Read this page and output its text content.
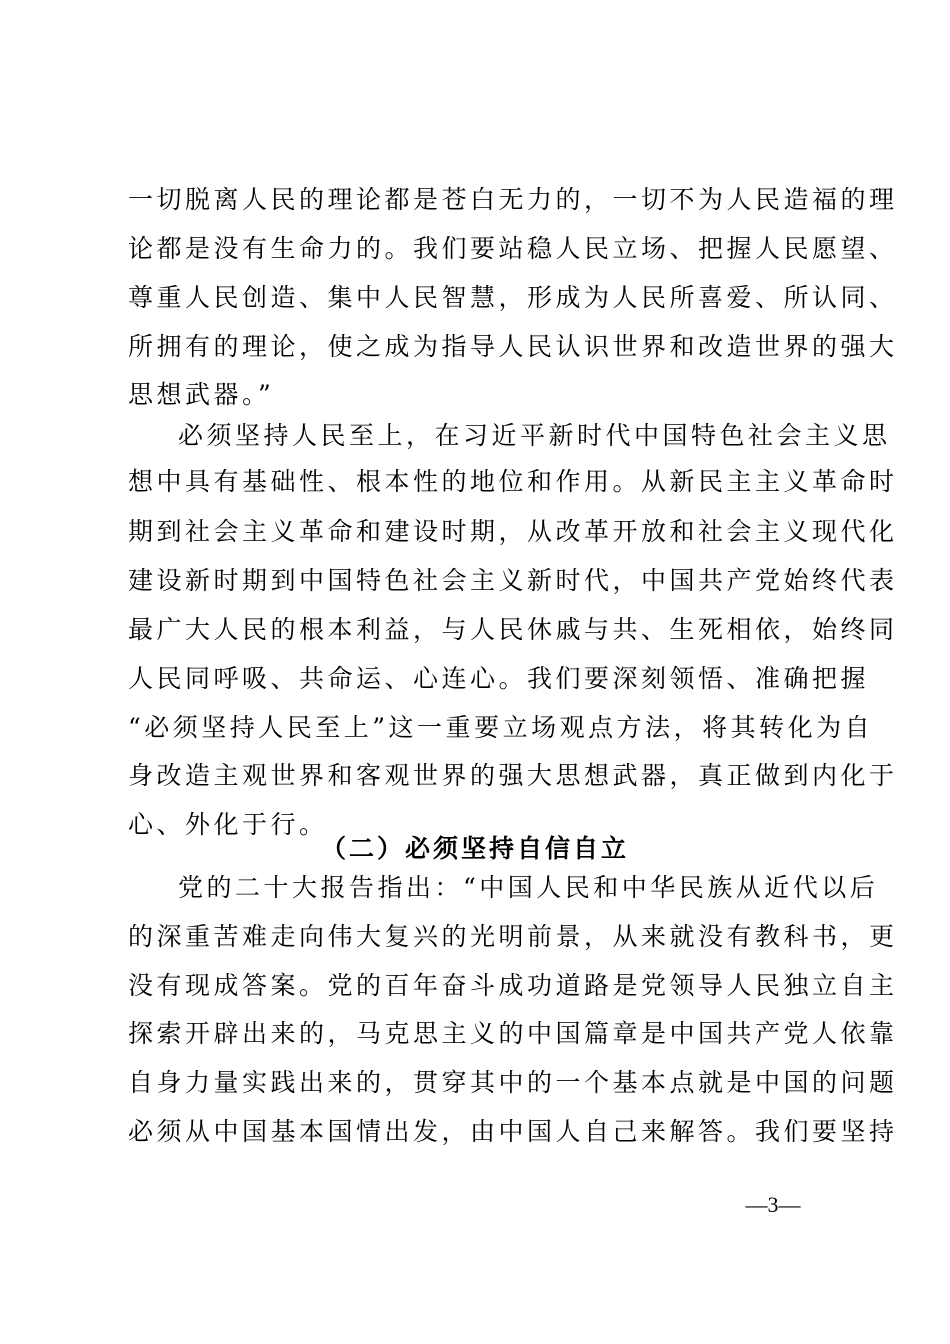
一切脱离人民的理论都是苍白无力的，一切不为人民造福的理
论都是没有生命力的。我们要站稳人民立场、把握人民愿望、
尊重人民创造、集中人民智慧，形成为人民所喜爱、所认同、
所拥有的理论，使之成为指导人民认识世界和改造世界的强大
思想武器。”
必须坚持人民至上，在习近平新时代中国特色社会主义思
想中具有基础性、根本性的地位和作用。从新民主主义革命时
期到社会主义革命和建设时期，从改革开放和社会主义现代化
建设新时期到中国特色社会主义新时代，中国共产党始终代表
最广大人民的根本利益，与人民休戚与共、生死相依，始终同
人民同呼吸、共命运、心连心。我们要深刻领悟、准确把握
“必须坚持人民至上”这一重要立场观点方法，将其转化为自
身改造主观世界和客观世界的强大思想武器，真正做到内化于
心、外化于行。
（二）必须坚持自信自立
党的二十大报告指出：“中国人民和中华民族从近代以后
的深重苦难走向伟大复兴的光明前景，从来就没有教科书，更
没有现成答案。党的百年奋斗成功道路是党领导人民独立自主
探索开辟出来的，马克思主义的中国篇章是中国共产党人依靠
自身力量实践出来的，贯穿其中的一个基本点就是中国的问题
必须从中国基本国情出发，由中国人自己来解答。我们要坚持
—3—
